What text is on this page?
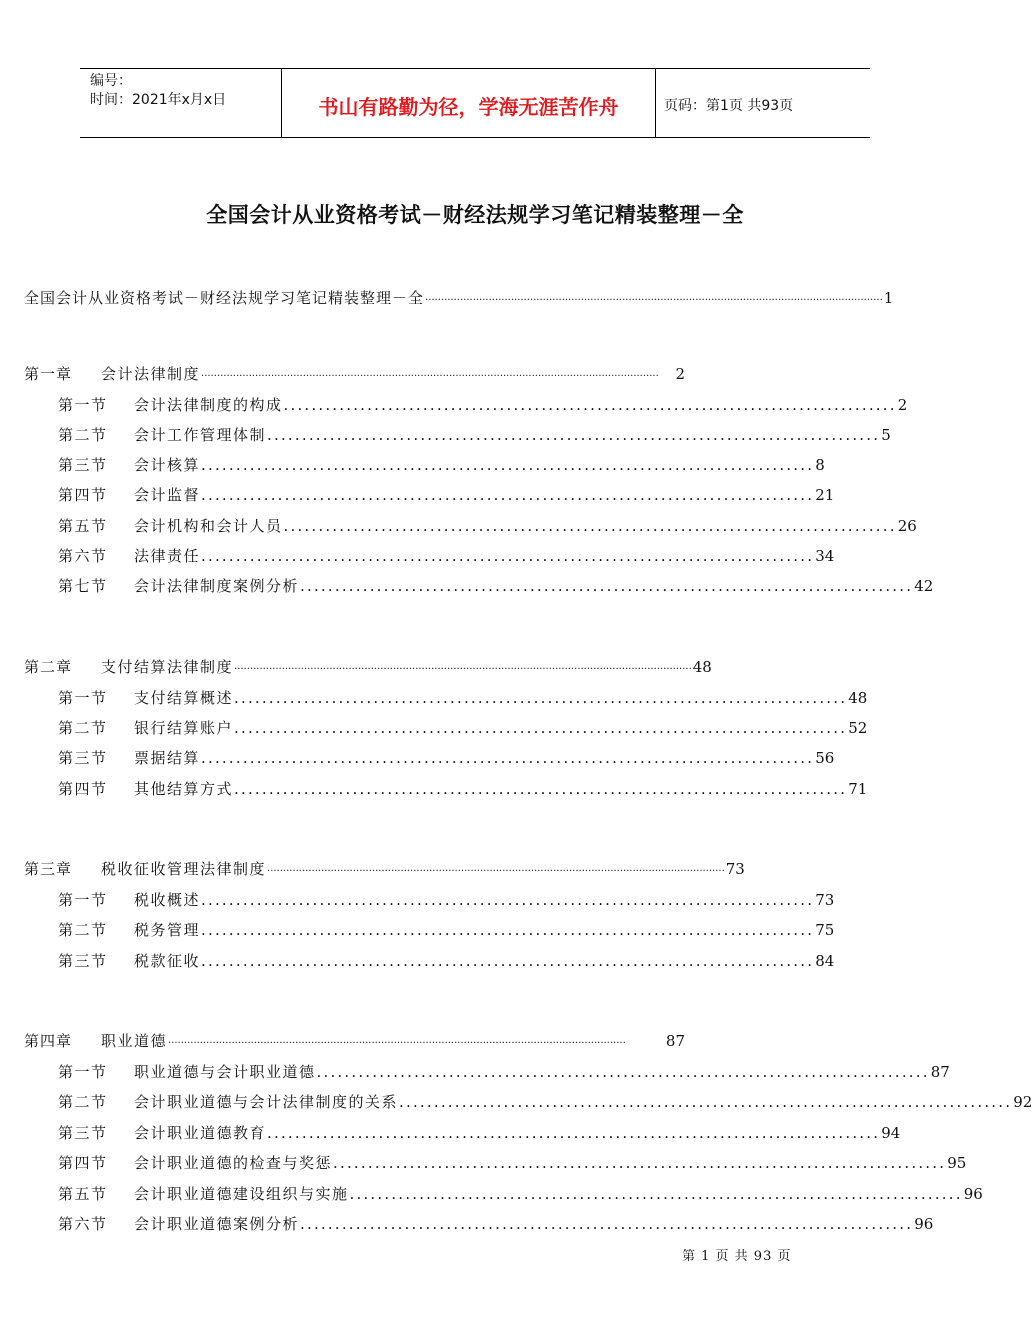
编号：
时间：2021年x月x日	书山有路勤为径，学海无涯苦作舟	页码：第1页 共93页
全国会计从业资格考试－财经法规学习笔记精装整理－全
全国会计从业资格考试－财经法规学习笔记精装整理－全 ................................................................................................................................................ 1
第一章 会计法律制度 ................................................................................................................................................	2
第一节 会计法律制度的构成 ........................................................................................ 2
第二节 会计工作管理体制 ........................................................................................ 5
第三节 会计核算 ........................................................................................ 8
第四节 会计监督 ........................................................................................ 21
第五节 会计机构和会计人员 ........................................................................................ 26
第六节 法律责任 ........................................................................................ 34
第七节 会计法律制度案例分析 ........................................................................................ 42
第二章 支付结算法律制度 ................................................................................................................................................ 48
第一节 支付结算概述 ........................................................................................ 48
第二节 银行结算账户 ........................................................................................ 52
第三节 票据结算 ........................................................................................ 56
第四节 其他结算方式 ........................................................................................ 71
第三章 税收征收管理法律制度 ................................................................................................................................................ 73
第一节 税收概述 ........................................................................................ 73
第二节 税务管理 ........................................................................................ 75
第三节 税款征收 ........................................................................................ 84
第四章 职业道德 ................................................................................................................................................	87
第一节 职业道德与会计职业道德 ........................................................................................ 87
第二节 会计职业道德与会计法律制度的关系 ........................................................................................ 92
第三节 会计职业道德教育 ........................................................................................ 94
第四节 会计职业道德的检查与奖惩 ........................................................................................ 95
第五节 会计职业道德建设组织与实施 ........................................................................................ 96
第六节 会计职业道德案例分析 ........................................................................................ 96
第 1 页 共 93 页
